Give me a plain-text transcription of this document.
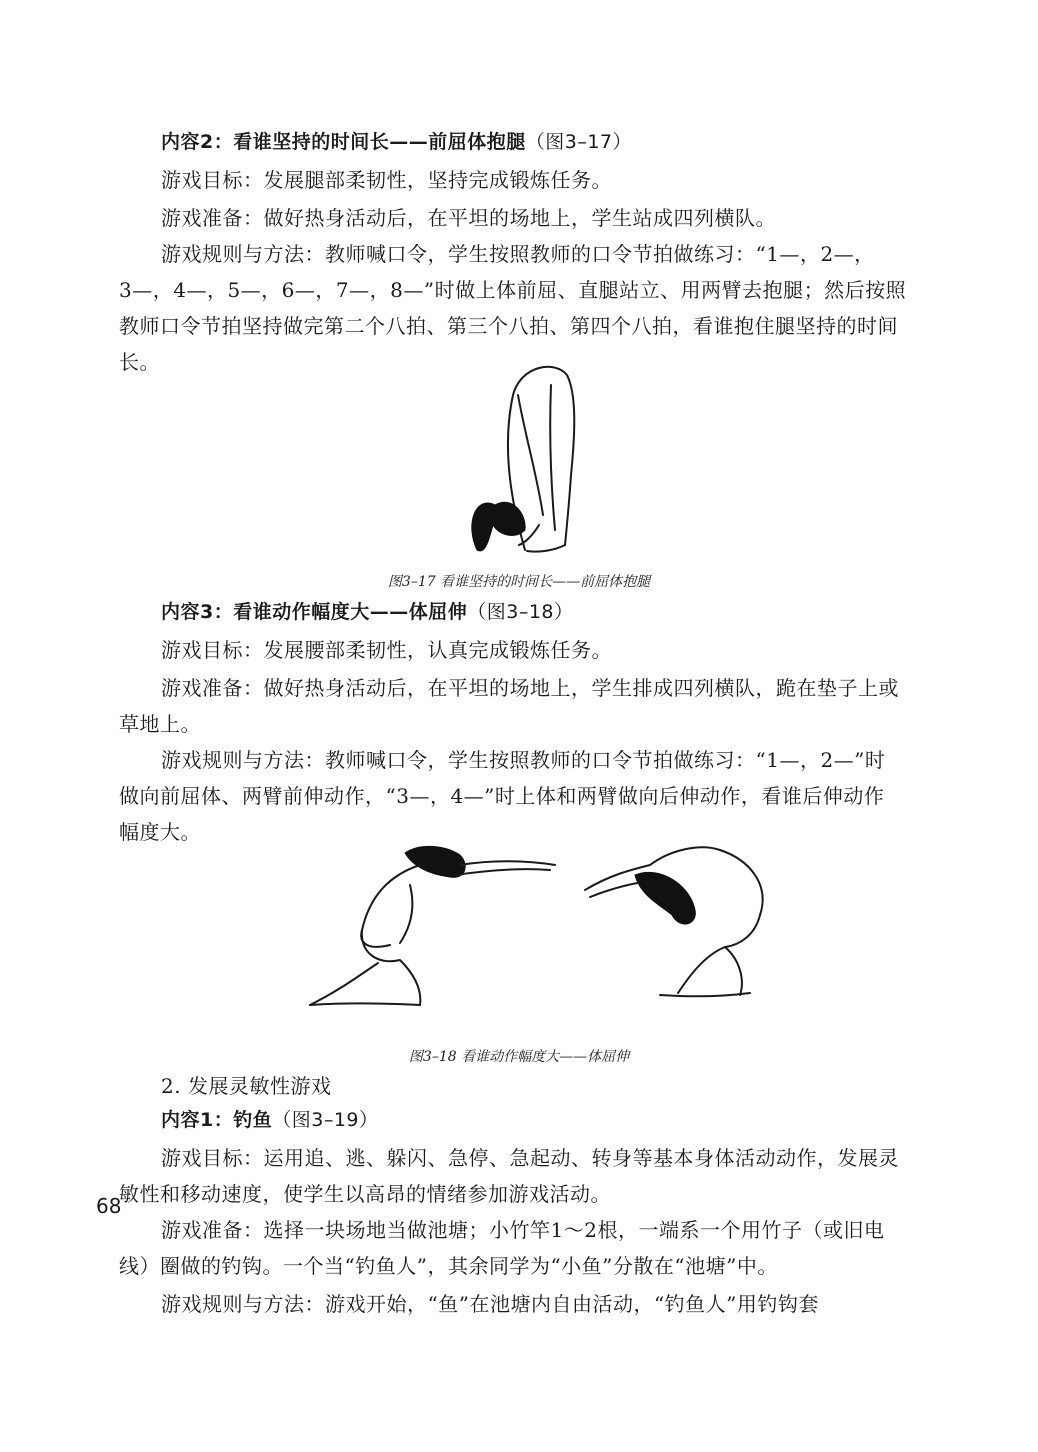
内容2：看谁坚持的时间长——前屈体抱腿（图3–17）
游戏目标：发展腿部柔韧性，坚持完成锻炼任务。
游戏准备：做好热身活动后，在平坦的场地上，学生站成四列横队。
游戏规则与方法：教师喊口令，学生按照教师的口令节拍做练习：“1—，2—，
3—，4—，5—，6—，7—，8—”时做上体前屈、直腿站立、用两臂去抱腿；然后按照
教师口令节拍坚持做完第二个八拍、第三个八拍、第四个八拍，看谁抱住腿坚持的时间
长。
图3–17 看谁坚持的时间长——前屈体抱腿
内容3：看谁动作幅度大——体屈伸（图3–18）
游戏目标：发展腰部柔韧性，认真完成锻炼任务。
游戏准备：做好热身活动后，在平坦的场地上，学生排成四列横队，跪在垫子上或
草地上。
游戏规则与方法：教师喊口令，学生按照教师的口令节拍做练习：“1—，2—”时
做向前屈体、两臂前伸动作，“3—，4—”时上体和两臂做向后伸动作，看谁后伸动作
幅度大。
图3–18 看谁动作幅度大——体屈伸
2. 发展灵敏性游戏
内容1：钓鱼（图3–19）
游戏目标：运用追、逃、躲闪、急停、急起动、转身等基本身体活动动作，发展灵
敏性和移动速度，使学生以高昂的情绪参加游戏活动。
游戏准备：选择一块场地当做池塘；小竹竿1～2根，一端系一个用竹子（或旧电
线）圈做的钓钩。一个当“钓鱼人”，其余同学为“小鱼”分散在“池塘”中。
游戏规则与方法：游戏开始，“鱼”在池塘内自由活动，“钓鱼人”用钓钩套
68
